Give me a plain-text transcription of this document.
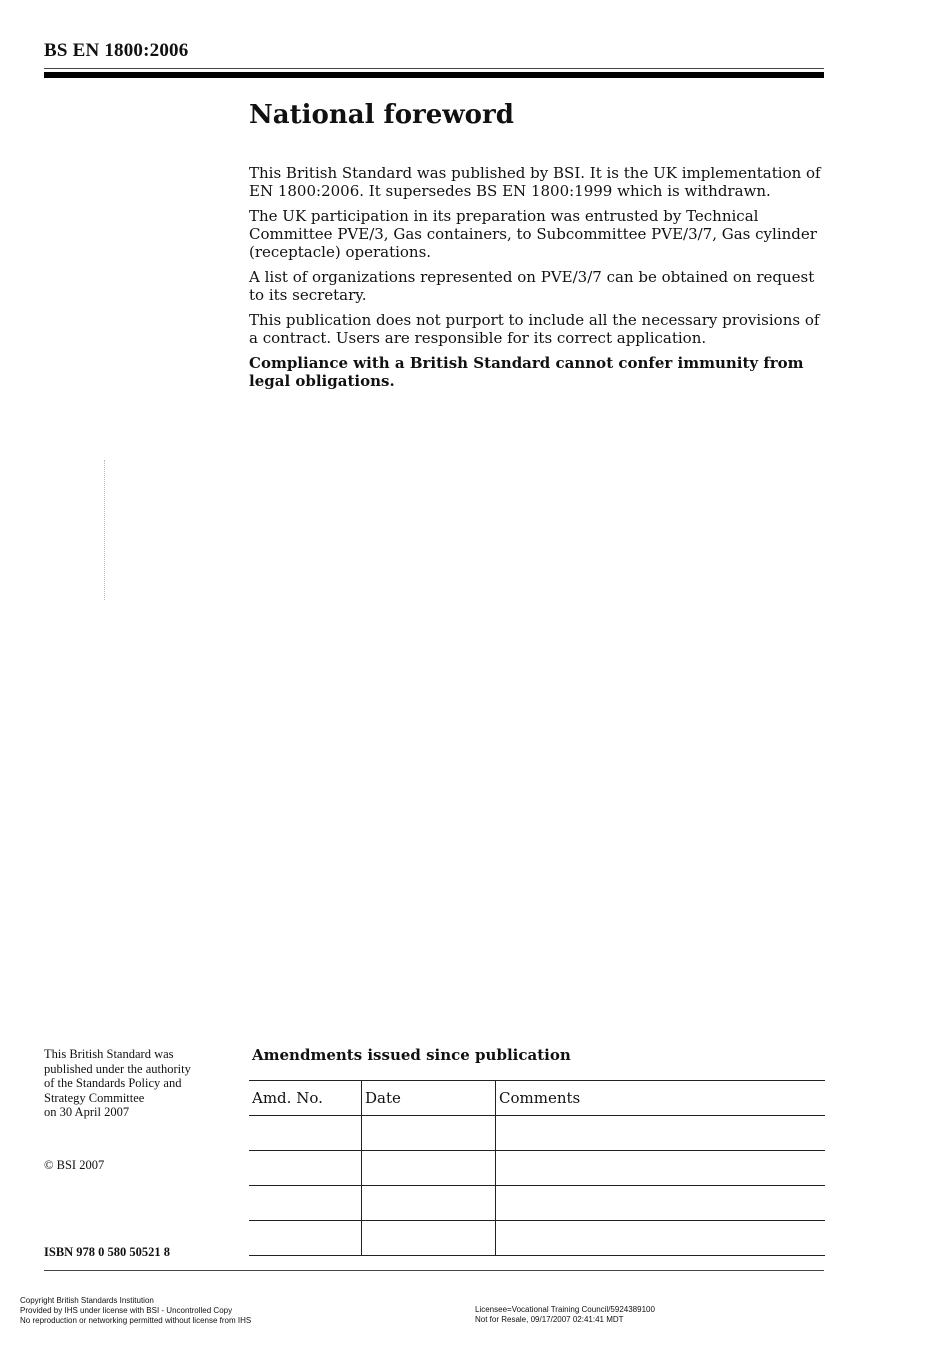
BS EN 1800:2006
National foreword

This British Standard was published by BSI. It is the UK implementation of EN 1800:2006. It supersedes BS EN 1800:1999 which is withdrawn.

The UK participation in its preparation was entrusted by Technical Committee PVE/3, Gas containers, to Subcommittee PVE/3/7, Gas cylinder (receptacle) operations.

A list of organizations represented on PVE/3/7 can be obtained on request to its secretary.

This publication does not purport to include all the necessary provisions of a contract. Users are responsible for its correct application.

Compliance with a British Standard cannot confer immunity from legal obligations.

This British Standard was
published under the authority
of the Standards Policy and
Strategy Committee
on 30 April 2007
© BSI 2007
ISBN 978 0 580 50521 8
Amendments issued since publication
Amd. No.	Date	Comments

Copyright British Standards Institution
Provided by IHS under license with BSI - Uncontrolled Copy
No reproduction or networking permitted without license from IHS
Licensee=Vocational Training Council/5924389100
Not for Resale, 09/17/2007 02:41:41 MDT
